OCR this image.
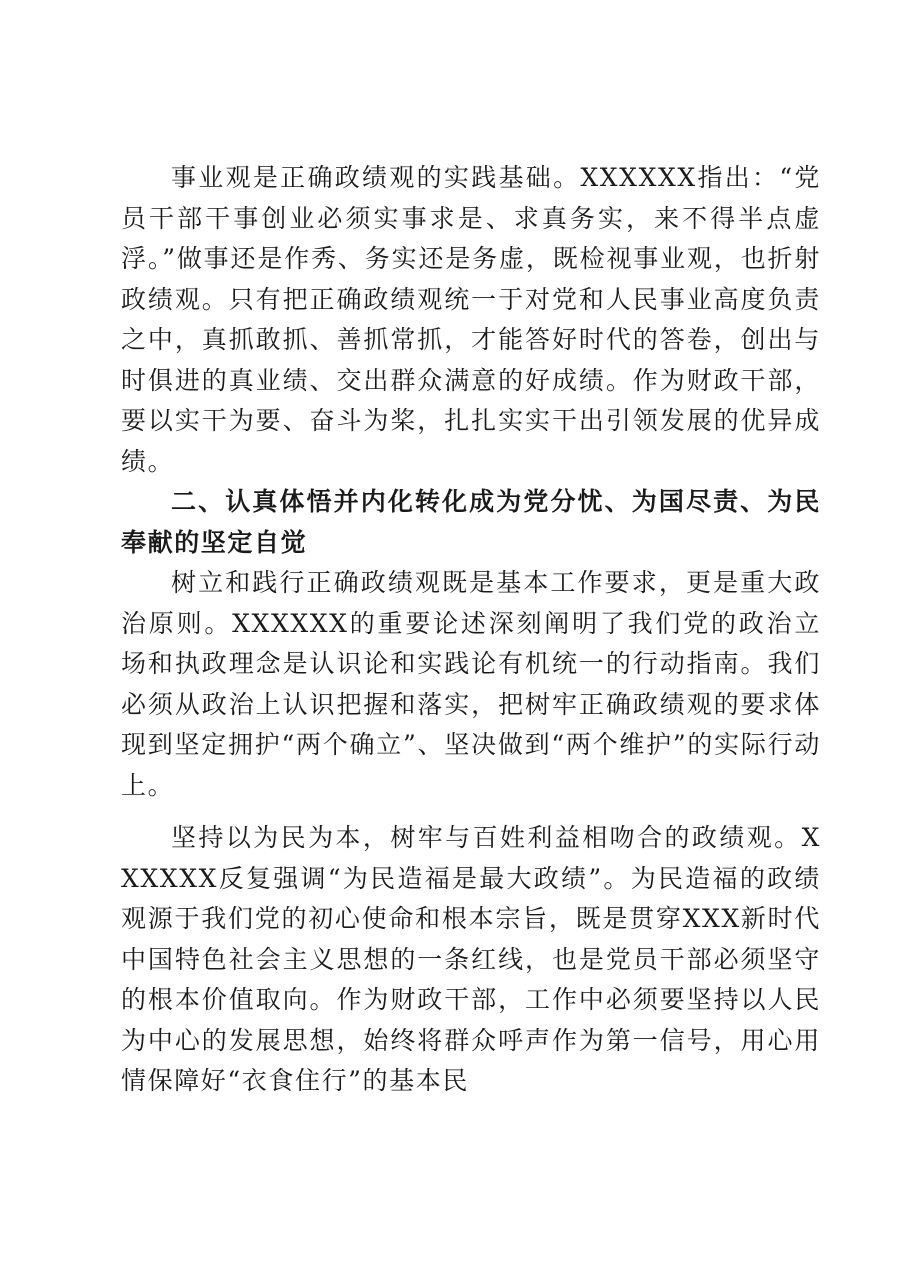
事业观是正确政绩观的实践基础。XXXXXX指出：“党员干部干事创业必须实事求是、求真务实，来不得半点虚浮。”做事还是作秀、务实还是务虚，既检视事业观，也折射政绩观。只有把正确政绩观统一于对党和人民事业高度负责之中，真抓敢抓、善抓常抓，才能答好时代的答卷，创出与时俱进的真业绩、交出群众满意的好成绩。作为财政干部，要以实干为要、奋斗为桨，扎扎实实干出引领发展的优异成绩。

二、认真体悟并内化转化成为党分忧、为国尽责、为民奉献的坚定自觉

树立和践行正确政绩观既是基本工作要求，更是重大政治原则。XXXXXX的重要论述深刻阐明了我们党的政治立场和执政理念是认识论和实践论有机统一的行动指南。我们必须从政治上认识把握和落实，把树牢正确政绩观的要求体现到坚定拥护“两个确立”、坚决做到“两个维护”的实际行动上。

坚持以为民为本，树牢与百姓利益相吻合的政绩观。XXXXXX反复强调“为民造福是最大政绩”。为民造福的政绩观源于我们党的初心使命和根本宗旨，既是贯穿XXX新时代中国特色社会主义思想的一条红线，也是党员干部必须坚守的根本价值取向。作为财政干部，工作中必须要坚持以人民为中心的发展思想，始终将群众呼声作为第一信号，用心用情保障好“衣食住行”的基本民
